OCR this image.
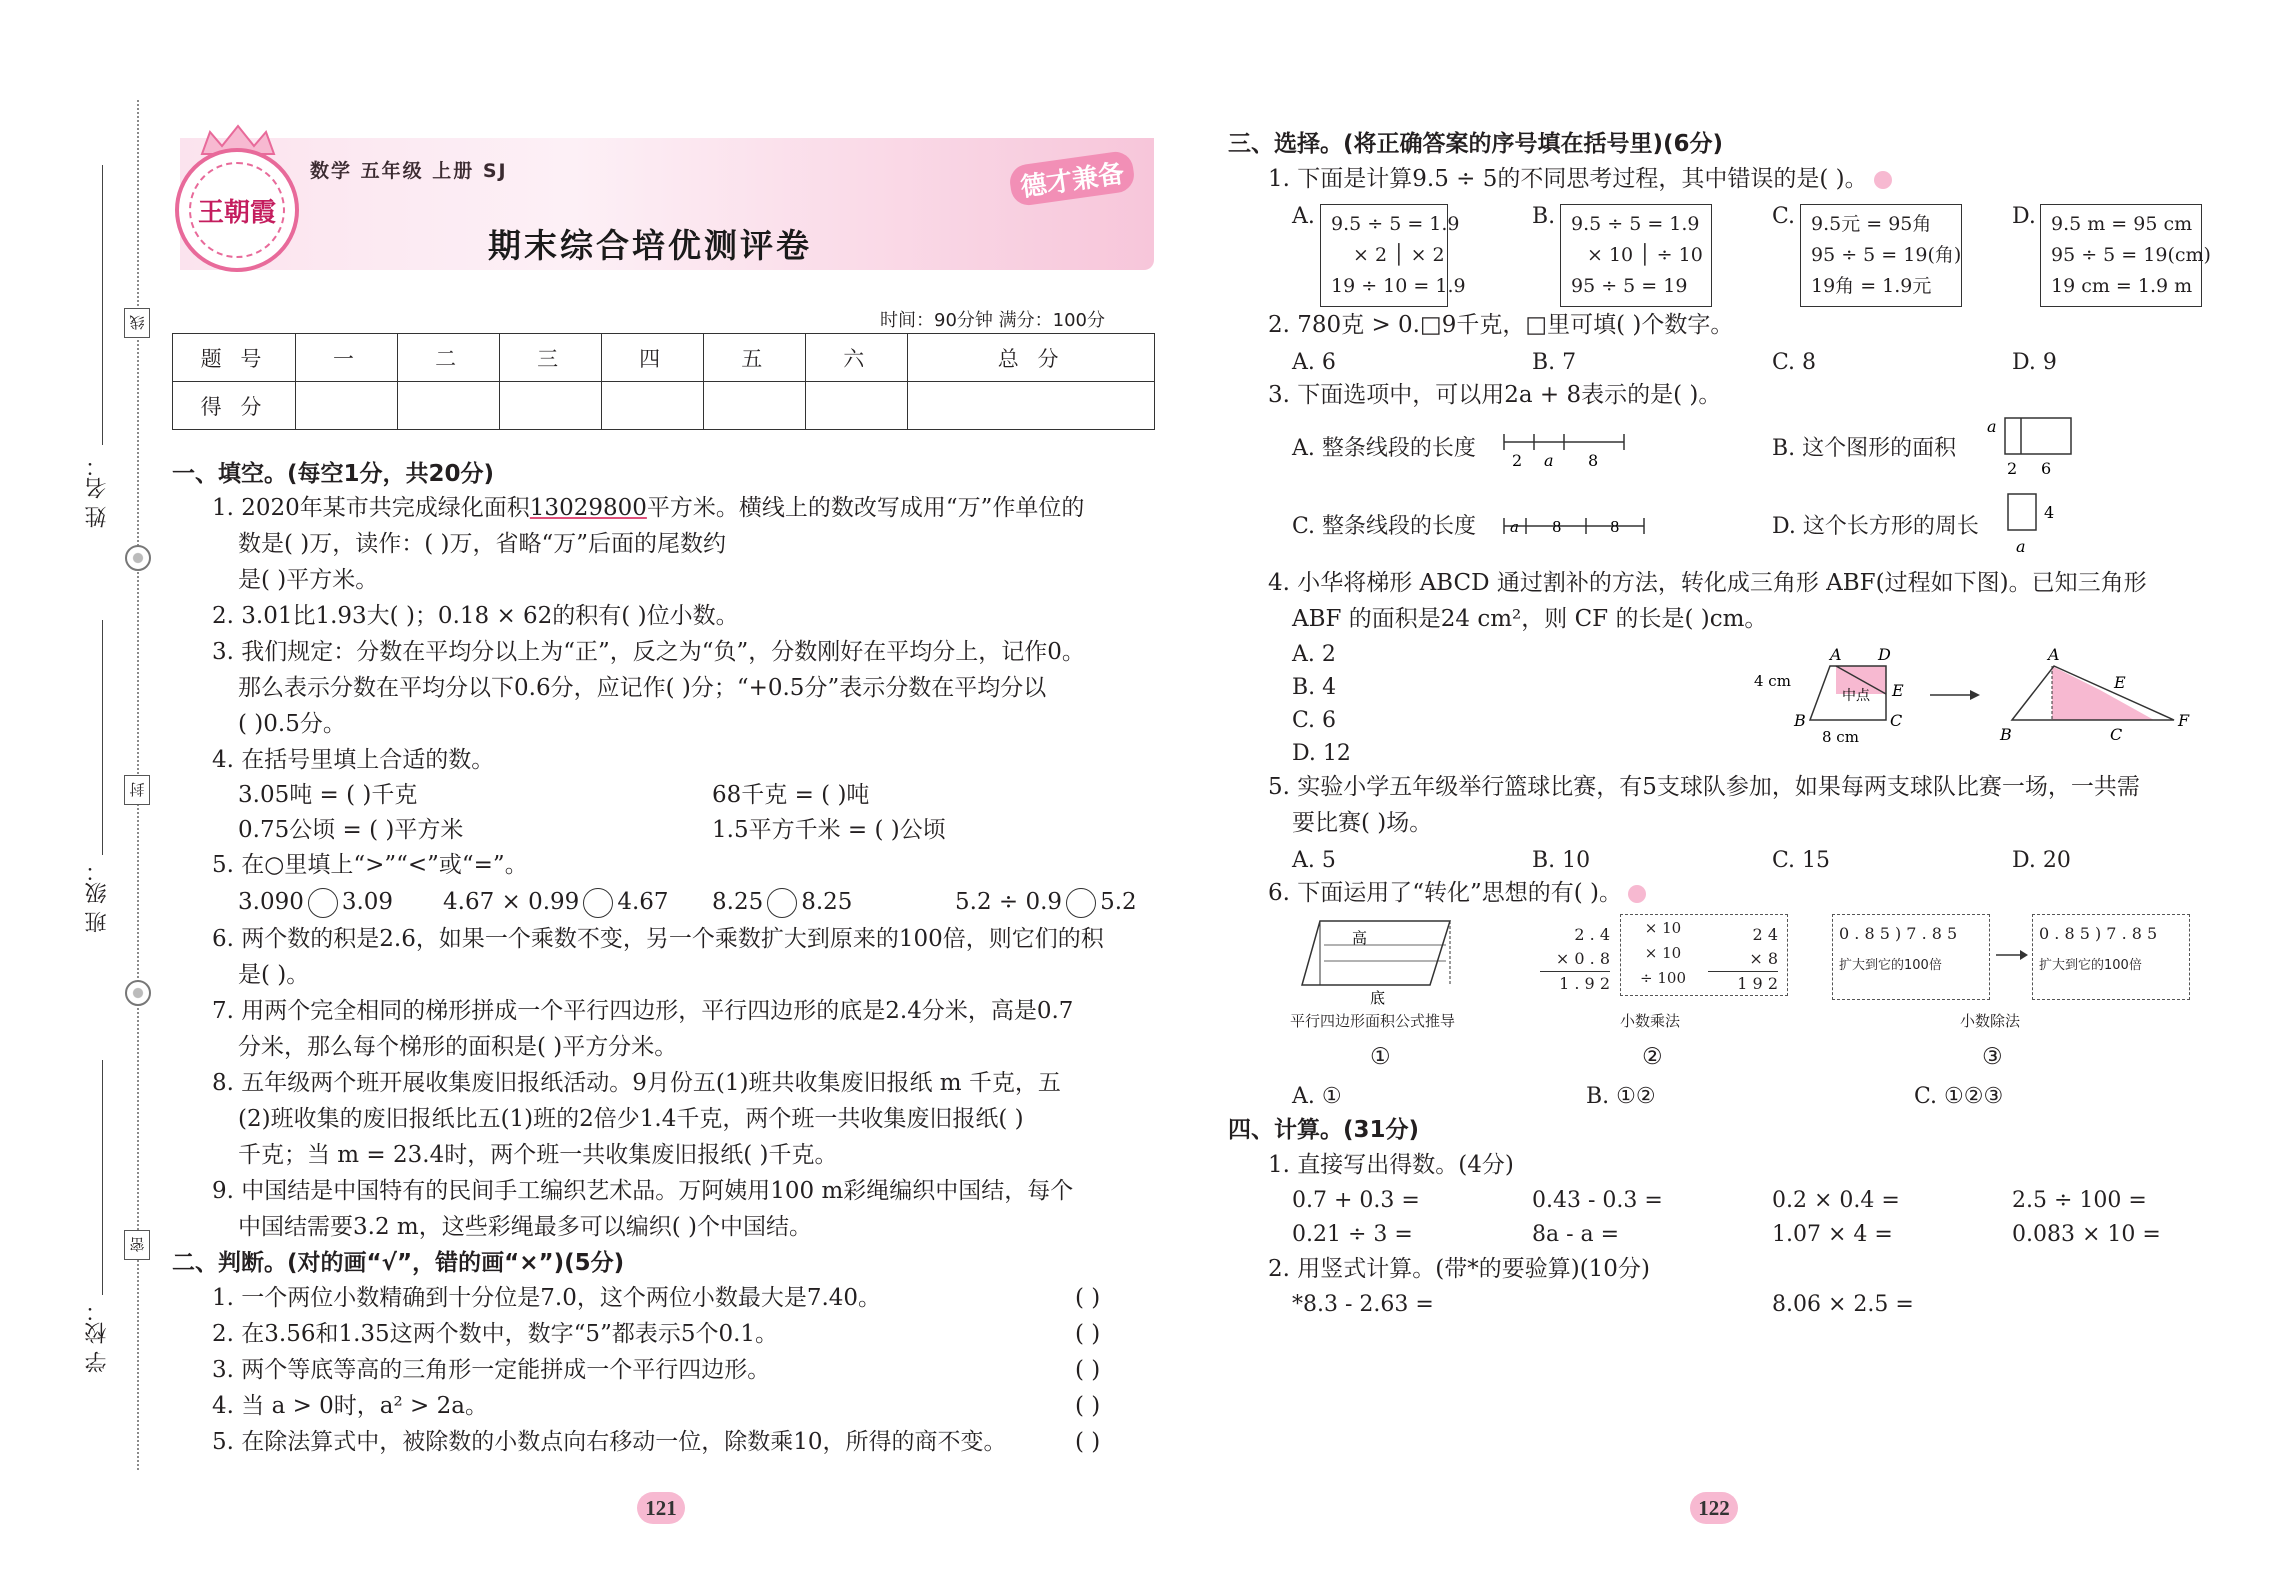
姓 名：
班 级：
学 校：
线
封
密
王朝霞
数学 五年级 上册 SJ	德才兼备
期末综合培优测评卷
时间：90分钟 满分：100分
题 号	一	二	三	四	五	六	总 分
得 分							
一、填空。(每空1分，共20分)
1. 2020年某市共完成绿化面积13029800平方米。横线上的数改写成用“万”作单位的
数是( )万，读作：( )万，省略“万”后面的尾数约
是( )平方米。
2. 3.01比1.93大( )；0.18 × 62的积有( )位小数。
3. 我们规定：分数在平均分以上为“正”，反之为“负”，分数刚好在平均分上，记作0。
那么表示分数在平均分以下0.6分，应记作( )分；“+0.5分”表示分数在平均分以
( )0.5分。
4. 在括号里填上合适的数。
3.05吨 = ( )千克	68千克 = ( )吨
0.75公顷 = ( )平方米	1.5平方千米 = ( )公顷
5. 在○里填上“>”“<”或“=”。
3.090 3.09 4.67 × 0.99 4.67 8.25 8.25	5.2 ÷ 0.9 5.2
6. 两个数的积是2.6，如果一个乘数不变，另一个乘数扩大到原来的100倍，则它们的积
是( )。
7. 用两个完全相同的梯形拼成一个平行四边形，平行四边形的底是2.4分米，高是0.7
分米，那么每个梯形的面积是( )平方分米。
8. 五年级两个班开展收集废旧报纸活动。9月份五(1)班共收集废旧报纸 m 千克，五
(2)班收集的废旧报纸比五(1)班的2倍少1.4千克，两个班一共收集废旧报纸( )
千克；当 m = 23.4时，两个班一共收集废旧报纸( )千克。
9. 中国结是中国特有的民间手工编织艺术品。万阿姨用100 m彩绳编织中国结，每个
中国结需要3.2 m，这些彩绳最多可以编织( )个中国结。
二、判断。(对的画“√”，错的画“×”)(5分)
1. 一个两位小数精确到十分位是7.0，这个两位小数最大是7.40。
2. 在3.56和1.35这两个数中，数字“5”都表示5个0.1。
3. 两个等底等高的三角形一定能拼成一个平行四边形。
4. 当 a > 0时，a² > 2a。
5. 在除法算式中，被除数的小数点向右移动一位，除数乘10，所得的商不变。
( )
( )
( )
( )
( )
121
三、选择。(将正确答案的序号填在括号里)(6分)
1. 下面是计算9.5 ÷ 5的不同思考过程，其中错误的是( )。
A. 9.5 ÷ 5 = 1.9
× 2 │ × 2
19 ÷ 10 = 1.9
B. 9.5 ÷ 5 = 1.9
× 10 │ ÷ 10
95 ÷ 5 = 19
C. 9.5元 = 95角
95 ÷ 5 = 19(角)
19角 = 1.9元
D. 9.5 m = 95 cm
95 ÷ 5 = 19(cm)
19 cm = 1.9 m
2. 780克 > 0.□9千克，□里可填( )个数字。
A. 6	B. 7	C. 8	D. 9
3. 下面选项中，可以用2a + 8表示的是( )。
A. 整条线段的长度 2 a 8	B. 这个图形的面积
a
2 6
C. 整条线段的长度 a 8	8	D. 这个长方形的周长
4
a
4. 小华将梯形 ABCD 通过割补的方法，转化成三角形 ABF(过程如下图)。已知三角形
ABF 的面积是24 cm²，则 CF 的长是( )cm。
A. 2
B. 4
C. 6
D. 12
A D
E
B	C
4 cm
8 cm
中点
A
E
B	C
F
5. 实验小学五年级举行篮球比赛，有5支球队参加，如果每两支球队比赛一场，一共需
要比赛( )场。
A. 5	B. 10	C. 15	D. 20
6. 下面运用了“转化”思想的有( )。
高
底
平行四边形面积公式推导
①
2 . 4
× 0 . 8
1 . 9 2
× 10
× 10
÷ 100
2 4
× 8
1 9 2
小数乘法
②
0 . 8 5 ) 7 . 8 5
扩大到它的100倍
0 . 8 5 ) 7 . 8 5
扩大到它的100倍
小数除法
③
A. ①	B. ①②	C. ①②③
四、计算。(31分)
1. 直接写出得数。(4分)
0.7 + 0.3 =	0.43 - 0.3 =	0.2 × 0.4 =	2.5 ÷ 100 =
0.21 ÷ 3 =	8a - a =	1.07 × 4 =	0.083 × 10 =
2. 用竖式计算。(带*的要验算)(10分)
*8.3 - 2.63 =	8.06 × 2.5 =
122
